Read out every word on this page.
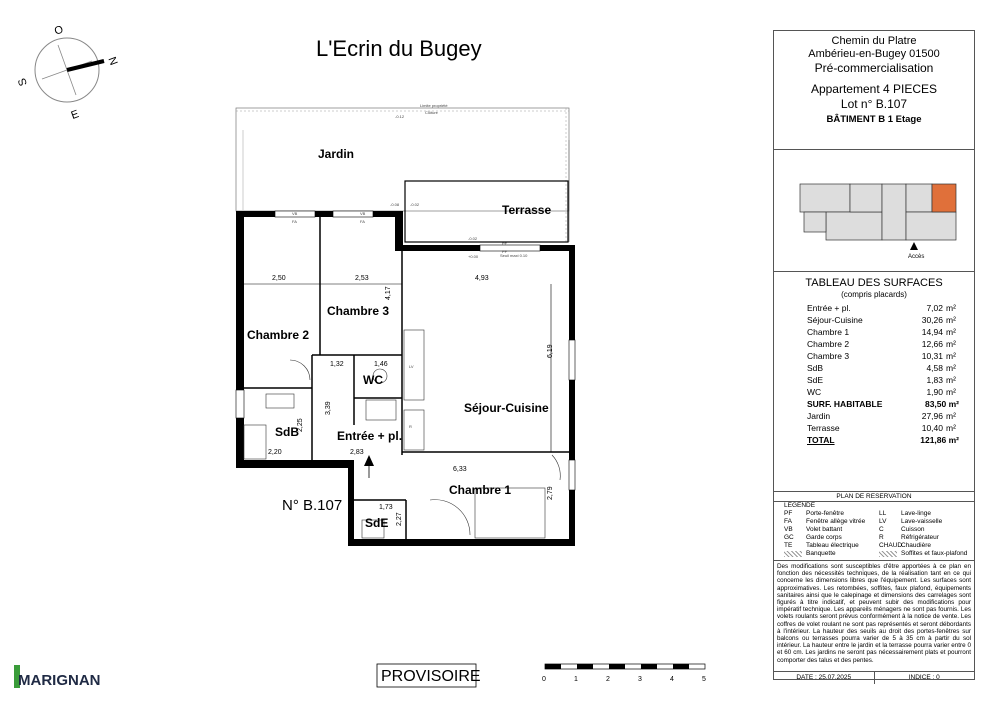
N
S
E
O
L'Ecrin du Bugey
Limite propriété
Clôture
-0.12
-0.08	-0.02
Jardin
Terrasse
-0.02
+0.00	Seuil maxi 0.10
VB
FA
VB
FA
PF
PF
LV
R
Chambre 2
Chambre 3
Séjour-Cuisine
Chambre 1
Entrée + pl.
WC
SdB
SdE
2,50	2,53	4,93
4,17
1,32	1,46
6,19
3,39
2,25
2,20	2,83
6,33
2,79
1,73
2,27
N° B.107
PROVISOIRE	0	1	2	3	4	5
MARIGNAN
Chemin du Platre
Ambérieu-en-Bugey 01500
Pré-commercialisation
Appartement 4 PIECES
Lot n° B.107
BÂTIMENT B 1 Etage
Accès
TABLEAU DES SURFACES
(compris placards)
Entrée + pl.	7,02 m²
Séjour-Cuisine	30,26 m²
Chambre 1	14,94 m²
Chambre 2	12,66 m²
Chambre 3	10,31 m²
SdB	4,58 m²
SdE	1,83 m²
WC	1,90 m²
SURF. HABITABLE	83,50 m²
Jardin	27,96 m²
Terrasse	10,40 m²
TOTAL	121,86 m²
PLAN DE RESERVATION
LEGENDE
PF	Porte-fenêtre
FA	Fenêtre allège vitrée
VB	Volet battant
GC	Garde corps
TE	Tableau électrique
Banquette
LL	Lave-linge
LV	Lave-vaisselle
C	Cuisson
R	Réfrigérateur
CHAUD
Chaudière
Soffites et faux-plafond
Des modifications sont susceptibles d'être apportées à ce plan en fonction des nécessités techniques, de la réalisation tant en ce qui concerne les dimensions libres que l'équipement. Les surfaces sont approximatives. Les retombées, soffites, faux plafond, équipements sanitaires ainsi que le calepinage et dimensions des carrelages sont figurés à titre indicatif, et peuvent subir des modifications pour impératif technique. Les appareils ménagers ne sont pas fournis. Les volets roulants seront prévus conformément à la notice de vente. Les coffres de volet roulant ne sont pas représentés et seront débordants à l'intérieur. La hauteur des seuils au droit des portes-fenêtres sur balcons ou terrasses pourra varier de 5 à 35 cm à partir du sol intérieur. La hauteur entre le jardin et la terrasse pourra varier entre 0 et 60 cm. Les jardins ne seront pas nécessairement plats et pourront comporter des talus et des pentes.
DATE : 25.07.2025	INDICE : 0
